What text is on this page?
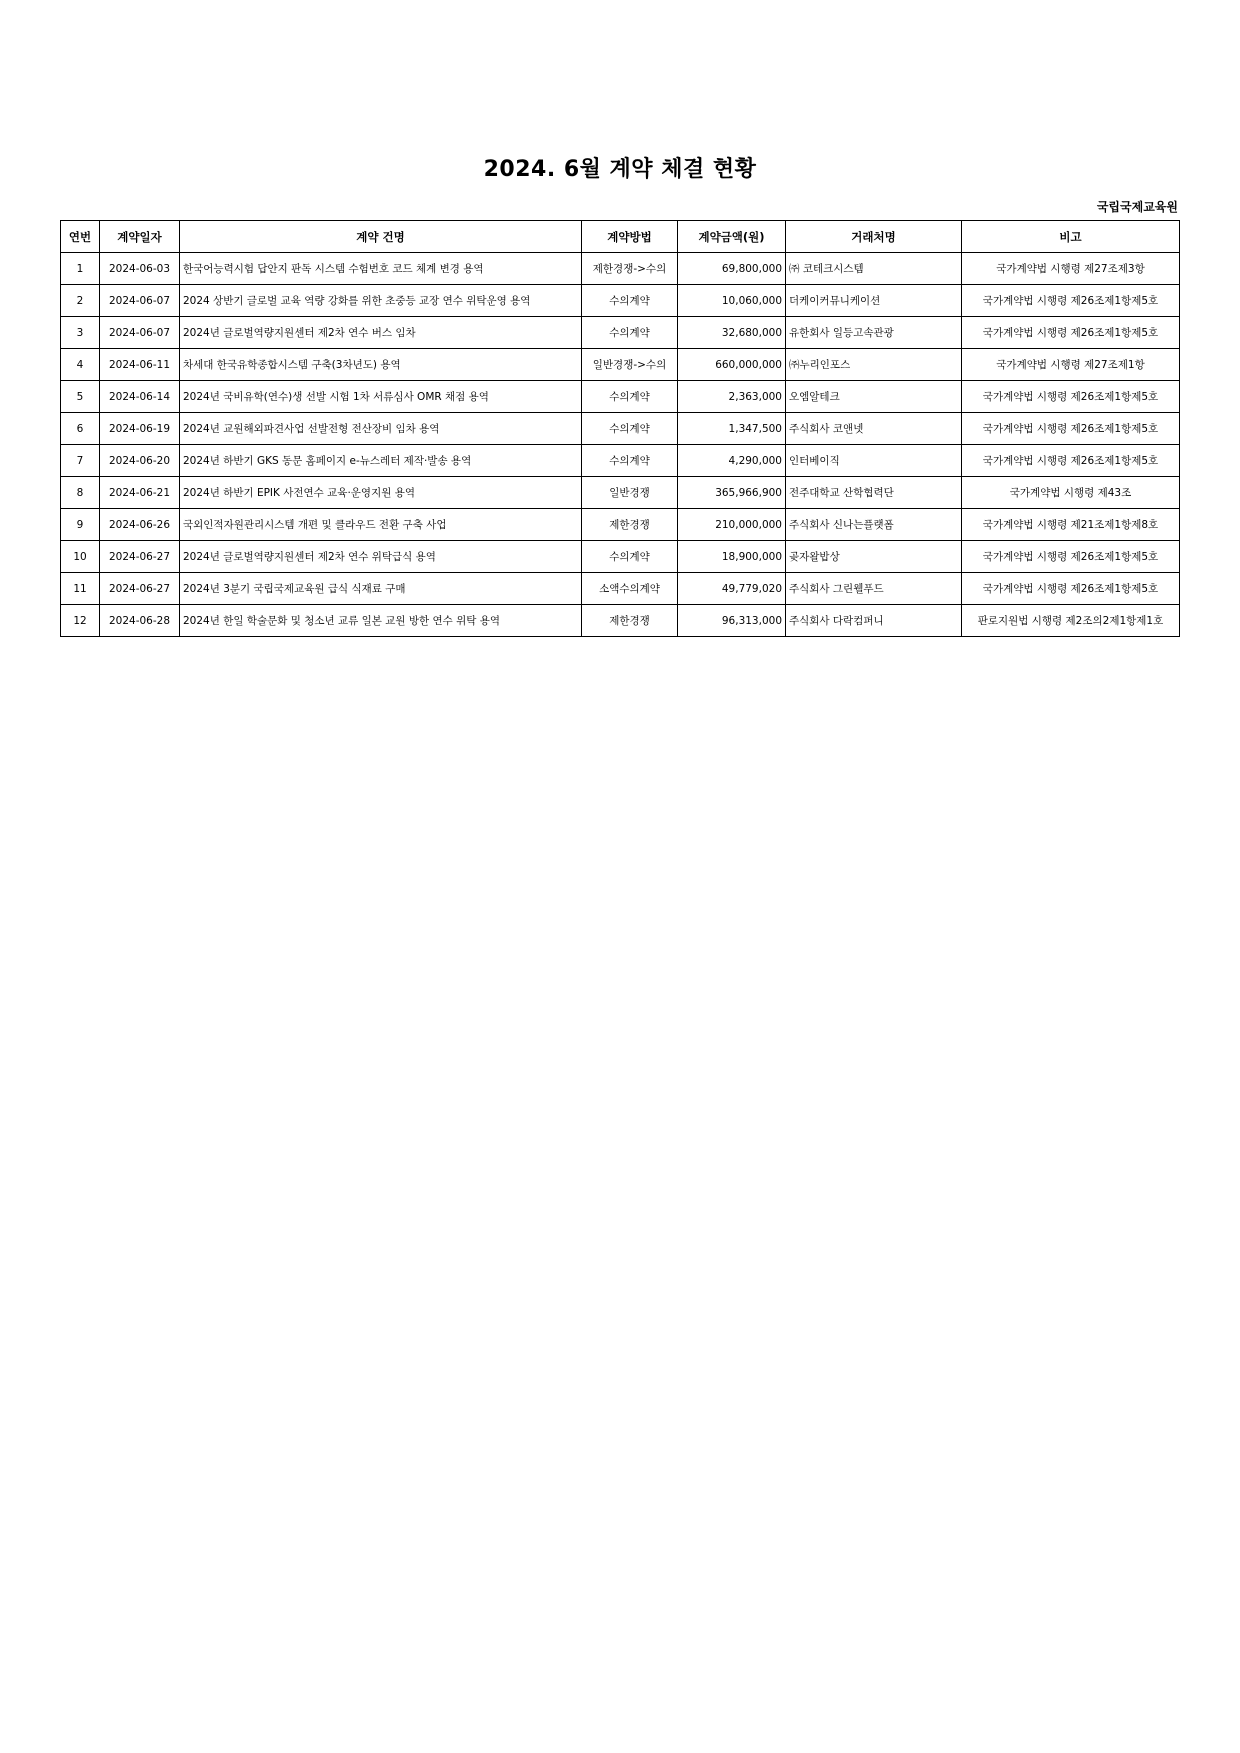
2024. 6월 계약 체결 현황
국립국제교육원
연번	계약일자	계약 건명	계약방법	계약금액(원)	거래처명	비고
1	2024-06-03	한국어능력시험 답안지 판독 시스템 수험번호 코드 체계 변경 용역	제한경쟁->수의	69,800,000	㈜ 코테크시스템	국가계약법 시행령 제27조제3항
2	2024-06-07	2024 상반기 글로벌 교육 역량 강화를 위한 초중등 교장 연수 위탁운영 용역	수의계약	10,060,000	더케이커뮤니케이션	국가계약법 시행령 제26조제1항제5호
3	2024-06-07	2024년 글로벌역량지원센터 제2차 연수 버스 임차	수의계약	32,680,000	유한회사 일등고속관광	국가계약법 시행령 제26조제1항제5호
4	2024-06-11	차세대 한국유학종합시스템 구축(3차년도) 용역	일반경쟁->수의	660,000,000	㈜누리인포스	국가계약법 시행령 제27조제1항
5	2024-06-14	2024년 국비유학(연수)생 선발 시험 1차 서류심사 OMR 채점 용역	수의계약	2,363,000	오엠알테크	국가계약법 시행령 제26조제1항제5호
6	2024-06-19	2024년 교원해외파견사업 선발전형 전산장비 임차 용역	수의계약	1,347,500	주식회사 코앤넷	국가계약법 시행령 제26조제1항제5호
7	2024-06-20	2024년 하반기 GKS 동문 홈페이지 e-뉴스레터 제작·발송 용역	수의계약	4,290,000	인터베이직	국가계약법 시행령 제26조제1항제5호
8	2024-06-21	2024년 하반기 EPIK 사전연수 교육·운영지원 용역	일반경쟁	365,966,900	전주대학교 산학협력단	국가계약법 시행령 제43조
9	2024-06-26	국외인적자원관리시스템 개편 및 클라우드 전환 구축 사업	제한경쟁	210,000,000	주식회사 신나는플랫폼	국가계약법 시행령 제21조제1항제8호
10	2024-06-27	2024년 글로벌역량지원센터 제2차 연수 위탁급식 용역	수의계약	18,900,000	곶자왈밥상	국가계약법 시행령 제26조제1항제5호
11	2024-06-27	2024년 3분기 국립국제교육원 급식 식재료 구매	소액수의계약	49,779,020	주식회사 그린웰푸드	국가계약법 시행령 제26조제1항제5호
12	2024-06-28	2024년 한일 학술문화 및 청소년 교류 일본 교원 방한 연수 위탁 용역	제한경쟁	96,313,000	주식회사 다락컴퍼니	판로지원법 시행령 제2조의2제1항제1호
